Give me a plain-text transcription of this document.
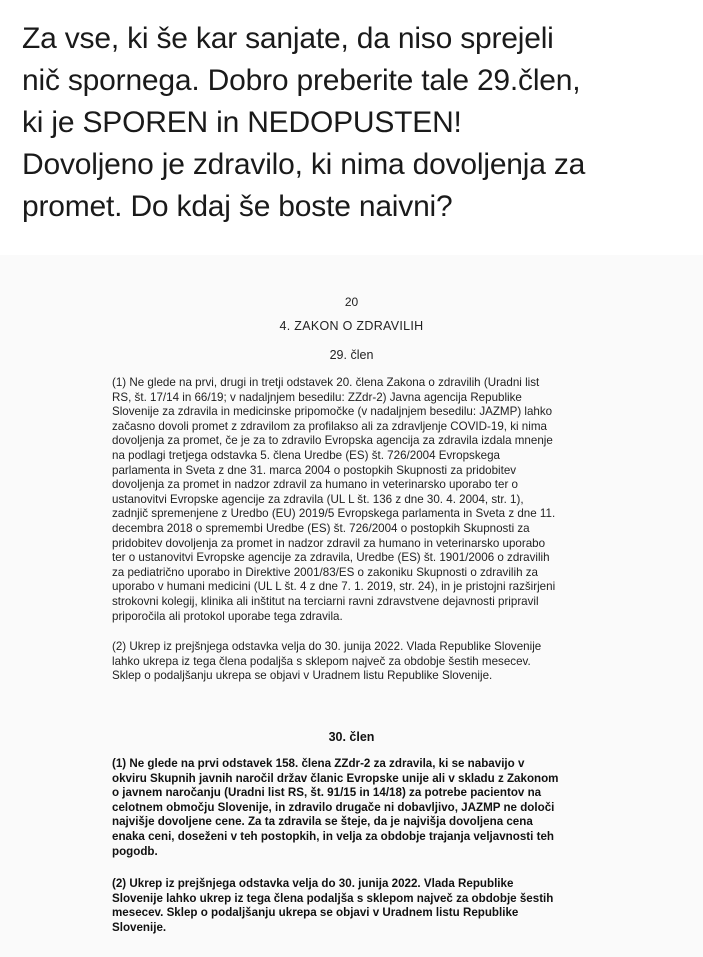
Za vse, ki še kar sanjate, da niso sprejeli
nič spornega. Dobro preberite tale 29.člen,
ki je SPOREN in NEDOPUSTEN!
Dovoljeno je zdravilo, ki nima dovoljenja za
promet. Do kdaj še boste naivni?
20
4. ZAKON O ZDRAVILIH
29. člen
(1) Ne glede na prvi, drugi in tretji odstavek 20. člena Zakona o zdravilih (Uradni list
RS, št. 17/14 in 66/19; v nadaljnjem besedilu: ZZdr-2) Javna agencija Republike
Slovenije za zdravila in medicinske pripomočke (v nadaljnjem besedilu: JAZMP) lahko
začasno dovoli promet z zdravilom za profilakso ali za zdravljenje COVID-19, ki nima
dovoljenja za promet, če je za to zdravilo Evropska agencija za zdravila izdala mnenje
na podlagi tretjega odstavka 5. člena Uredbe (ES) št. 726/2004 Evropskega
parlamenta in Sveta z dne 31. marca 2004 o postopkih Skupnosti za pridobitev
dovoljenja za promet in nadzor zdravil za humano in veterinarsko uporabo ter o
ustanovitvi Evropske agencije za zdravila (UL L št. 136 z dne 30. 4. 2004, str. 1),
zadnjič spremenjene z Uredbo (EU) 2019/5 Evropskega parlamenta in Sveta z dne 11.
decembra 2018 o spremembi Uredbe (ES) št. 726/2004 o postopkih Skupnosti za
pridobitev dovoljenja za promet in nadzor zdravil za humano in veterinarsko uporabo
ter o ustanovitvi Evropske agencije za zdravila, Uredbe (ES) št. 1901/2006 o zdravilih
za pediatrično uporabo in Direktive 2001/83/ES o zakoniku Skupnosti o zdravilih za
uporabo v humani medicini (UL L št. 4 z dne 7. 1. 2019, str. 24), in je pristojni razširjeni
strokovni kolegij, klinika ali inštitut na terciarni ravni zdravstvene dejavnosti pripravil
priporočila ali protokol uporabe tega zdravila.
(2) Ukrep iz prejšnjega odstavka velja do 30. junija 2022. Vlada Republike Slovenije
lahko ukrepa iz tega člena podaljša s sklepom največ za obdobje šestih mesecev.
Sklep o podaljšanju ukrepa se objavi v Uradnem listu Republike Slovenije.
30. člen
(1) Ne glede na prvi odstavek 158. člena ZZdr-2 za zdravila, ki se nabavijo v
okviru Skupnih javnih naročil držav članic Evropske unije ali v skladu z Zakonom
o javnem naročanju (Uradni list RS, št. 91/15 in 14/18) za potrebe pacientov na
celotnem območju Slovenije, in zdravilo drugače ni dobavljivo, JAZMP ne določi
najvišje dovoljene cene. Za ta zdravila se šteje, da je najvišja dovoljena cena
enaka ceni, doseženi v teh postopkih, in velja za obdobje trajanja veljavnosti teh
pogodb.
(2) Ukrep iz prejšnjega odstavka velja do 30. junija 2022. Vlada Republike
Slovenije lahko ukrep iz tega člena podaljša s sklepom največ za obdobje šestih
mesecev. Sklep o podaljšanju ukrepa se objavi v Uradnem listu Republike
Slovenije.
